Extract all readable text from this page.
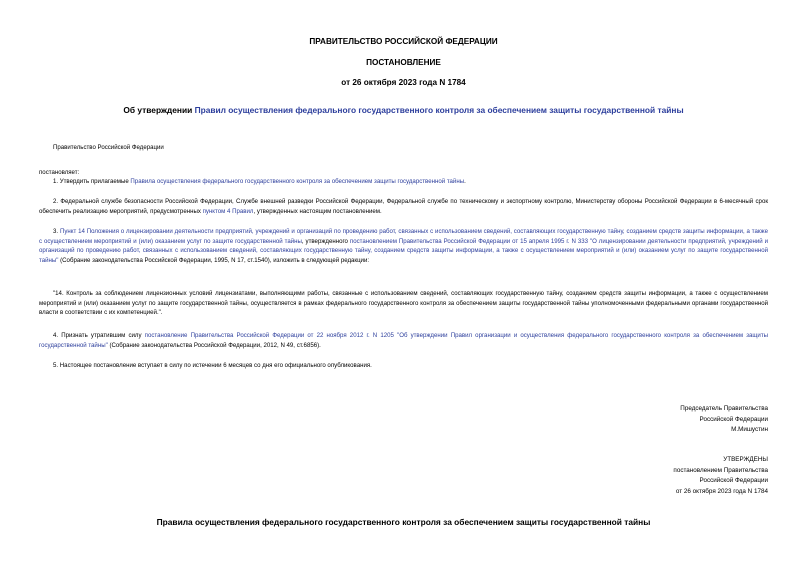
ПРАВИТЕЛЬСТВО РОССИЙСКОЙ ФЕДЕРАЦИИ
ПОСТАНОВЛЕНИЕ
от 26 октября 2023 года N 1784
Об утверждении Правил осуществления федерального государственного контроля за обеспечением защиты государственной тайны
Правительство Российской Федерации
постановляет:
1. Утвердить прилагаемые Правила осуществления федерального государственного контроля за обеспечением защиты государственной тайны.
2. Федеральной службе безопасности Российской Федерации, Службе внешней разведки Российской Федерации, Федеральной службе по техническому и экспортному контролю, Министерству обороны Российской Федерации в 6-месячный срок обеспечить реализацию мероприятий, предусмотренных пунктом 4 Правил, утвержденных настоящим постановлением.
3. Пункт 14 Положения о лицензировании деятельности предприятий, учреждений и организаций по проведению работ, связанных с использованием сведений, составляющих государственную тайну, созданием средств защиты информации, а также с осуществлением мероприятий и (или) оказанием услуг по защите государственной тайны, утвержденного постановлением Правительства Российской Федерации от 15 апреля 1995 г. N 333 "О лицензировании деятельности предприятий, учреждений и организаций по проведению работ, связанных с использованием сведений, составляющих государственную тайну, созданием средств защиты информации, а также с осуществлением мероприятий и (или) оказанием услуг по защите государственной тайны" (Собрание законодательства Российской Федерации, 1995, N 17, ст.1540), изложить в следующей редакции:
"14. Контроль за соблюдением лицензионных условий лицензиатами, выполняющими работы, связанные с использованием сведений, составляющих государственную тайну, созданием средств защиты информации, а также с осуществлением мероприятий и (или) оказанием услуг по защите государственной тайны, осуществляется в рамках федерального государственного контроля за обеспечением защиты государственной тайны уполномоченными федеральными органами государственной власти в соответствии с их компетенцией.".
4. Признать утратившим силу постановление Правительства Российской Федерации от 22 ноября 2012 г. N 1205 "Об утверждении Правил организации и осуществления федерального государственного контроля за обеспечением защиты государственной тайны" (Собрание законодательства Российской Федерации, 2012, N 49, ст.6856).
5. Настоящее постановление вступает в силу по истечении 6 месяцев со дня его официального опубликования.
Председатель Правительства
Российской Федерации
М.Мишустин
УТВЕРЖДЕНЫ
постановлением Правительства
Российской Федерации
от 26 октября 2023 года N 1784
Правила осуществления федерального государственного контроля за обеспечением защиты государственной тайны
